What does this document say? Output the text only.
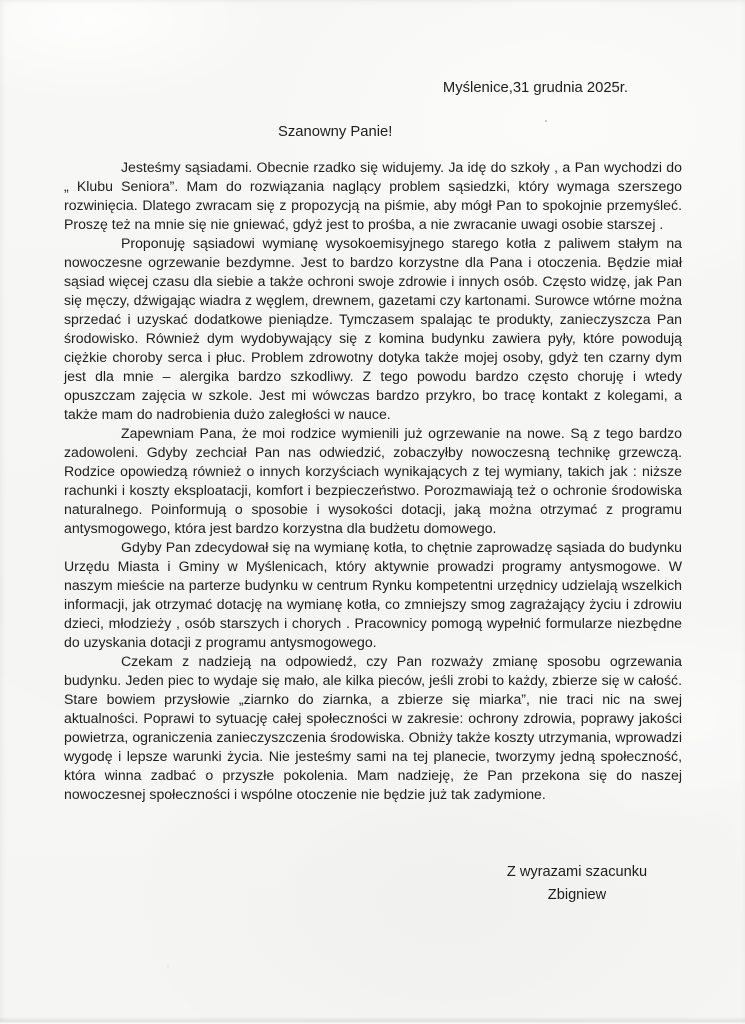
Myślenice,31 grudnia 2025r.
Szanowny Panie!

Jesteśmy sąsiadami. Obecnie rzadko się widujemy. Ja idę do szkoły , a Pan wychodzi do „ Klubu Seniora”. Mam do rozwiązania naglący problem sąsiedzki, który wymaga szerszego rozwinięcia. Dlatego zwracam się z propozycją na piśmie, aby mógł Pan to spokojnie przemyśleć. Proszę też na mnie się nie gniewać, gdyż jest to prośba, a nie zwracanie uwagi osobie starszej .

Proponuję sąsiadowi wymianę wysokoemisyjnego starego kotła z paliwem stałym na nowoczesne ogrzewanie bezdymne. Jest to bardzo korzystne dla Pana i otoczenia. Będzie miał sąsiad więcej czasu dla siebie a także ochroni swoje zdrowie i innych osób. Często widzę, jak Pan się męczy, dźwigając wiadra z węglem, drewnem, gazetami czy kartonami. Surowce wtórne można sprzedać i uzyskać dodatkowe pieniądze. Tymczasem spalając te produkty, zanieczyszcza Pan środowisko. Również dym wydobywający się z komina budynku zawiera pyły, które powodują ciężkie choroby serca i płuc. Problem zdrowotny dotyka także mojej osoby, gdyż ten czarny dym jest dla mnie – alergika bardzo szkodliwy. Z tego powodu bardzo często choruję i wtedy opuszczam zajęcia w szkole. Jest mi wówczas bardzo przykro, bo tracę kontakt z kolegami, a także mam do nadrobienia dużo zaległości w nauce.

Zapewniam Pana, że moi rodzice wymienili już ogrzewanie na nowe. Są z tego bardzo zadowoleni. Gdyby zechciał Pan nas odwiedzić, zobaczyłby nowoczesną technikę grzewczą. Rodzice opowiedzą również o innych korzyściach wynikających z tej wymiany, takich jak : niższe rachunki i koszty eksploatacji, komfort i bezpieczeństwo. Porozmawiają też o ochronie środowiska naturalnego. Poinformują o sposobie i wysokości dotacji, jaką można otrzymać z programu antysmogowego, która jest bardzo korzystna dla budżetu domowego.

Gdyby Pan zdecydował się na wymianę kotła, to chętnie zaprowadzę sąsiada do budynku Urzędu Miasta i Gminy w Myślenicach, który aktywnie prowadzi programy antysmogowe. W naszym mieście na parterze budynku w centrum Rynku kompetentni urzędnicy udzielają wszelkich informacji, jak otrzymać dotację na wymianę kotła, co zmniejszy smog zagrażający życiu i zdrowiu dzieci, młodzieży , osób starszych i chorych . Pracownicy pomogą wypełnić formularze niezbędne do uzyskania dotacji z programu antysmogowego.

Czekam z nadzieją na odpowiedź, czy Pan rozważy zmianę sposobu ogrzewania budynku. Jeden piec to wydaje się mało, ale kilka pieców, jeśli zrobi to każdy, zbierze się w całość. Stare bowiem przysłowie „ziarnko do ziarnka, a zbierze się miarka”, nie traci nic na swej aktualności. Poprawi to sytuację całej społeczności w zakresie: ochrony zdrowia, poprawy jakości powietrza, ograniczenia zanieczyszczenia środowiska. Obniży także koszty utrzymania, wprowadzi wygodę i lepsze warunki życia. Nie jesteśmy sami na tej planecie, tworzymy jedną społeczność, która winna zadbać o przyszłe pokolenia. Mam nadzieję, że Pan przekona się do naszej nowoczesnej społeczności i wspólne otoczenie nie będzie już tak zadymione.

Z wyrazami szacunku
Zbigniew
